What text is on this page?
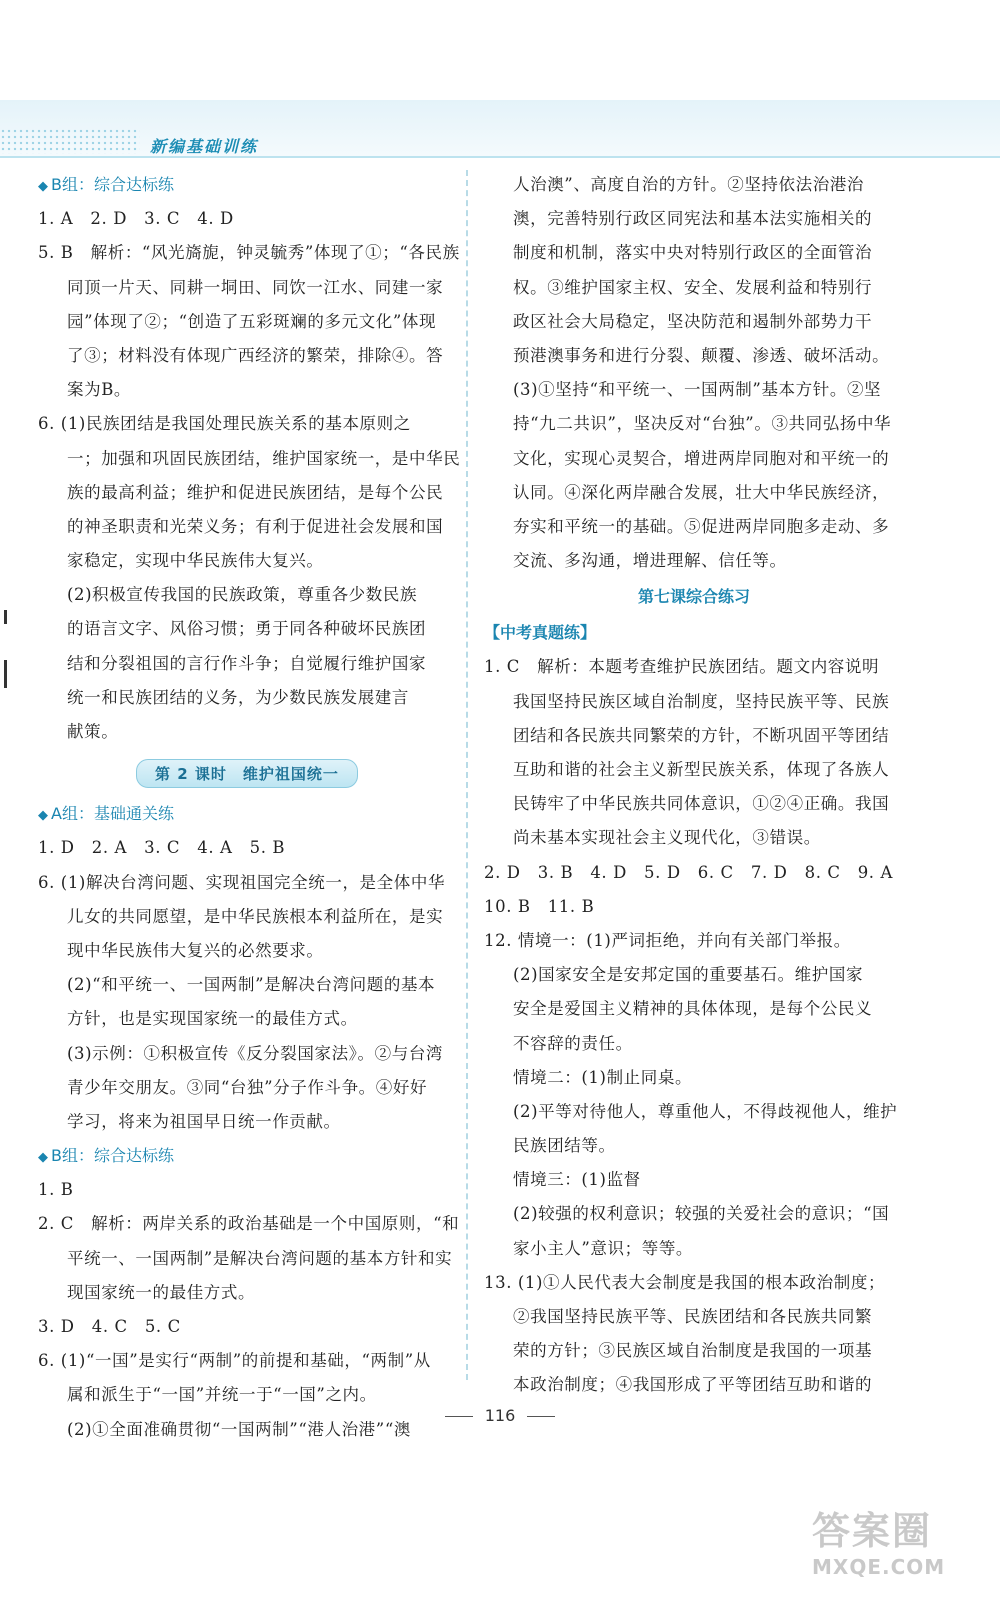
新编基础训练
◆ B组：综合达标练
1. A　2. D　3. C　4. D
5. B　解析：“风光旖旎，钟灵毓秀”体现了①；“各民族
同顶一片天、同耕一垌田、同饮一江水、同建一家
园”体现了②；“创造了五彩斑斓的多元文化”体现
了③；材料没有体现广西经济的繁荣，排除④。答
案为B。
6. (1)民族团结是我国处理民族关系的基本原则之
一；加强和巩固民族团结，维护国家统一，是中华民
族的最高利益；维护和促进民族团结，是每个公民
的神圣职责和光荣义务；有利于促进社会发展和国
家稳定，实现中华民族伟大复兴。
(2)积极宣传我国的民族政策，尊重各少数民族
的语言文字、风俗习惯；勇于同各种破坏民族团
结和分裂祖国的言行作斗争；自觉履行维护国家
统一和民族团结的义务，为少数民族发展建言
献策。
第 2 课时　维护祖国统一
◆ A组：基础通关练
1. D　2. A　3. C　4. A　5. B
6. (1)解决台湾问题、实现祖国完全统一，是全体中华
儿女的共同愿望，是中华民族根本利益所在，是实
现中华民族伟大复兴的必然要求。
(2)“和平统一、一国两制”是解决台湾问题的基本
方针，也是实现国家统一的最佳方式。
(3)示例：①积极宣传《反分裂国家法》。②与台湾
青少年交朋友。③同“台独”分子作斗争。④好好
学习，将来为祖国早日统一作贡献。
◆ B组：综合达标练
1. B
2. C　解析：两岸关系的政治基础是一个中国原则，“和
平统一、一国两制”是解决台湾问题的基本方针和实
现国家统一的最佳方式。
3. D　4. C　5. C
6. (1)“一国”是实行“两制”的前提和基础，“两制”从
属和派生于“一国”并统一于“一国”之内。
(2)①全面准确贯彻“一国两制”“港人治港”“澳
人治澳”、高度自治的方针。②坚持依法治港治
澳，完善特别行政区同宪法和基本法实施相关的
制度和机制，落实中央对特别行政区的全面管治
权。③维护国家主权、安全、发展利益和特别行
政区社会大局稳定，坚决防范和遏制外部势力干
预港澳事务和进行分裂、颠覆、渗透、破坏活动。
(3)①坚持“和平统一、一国两制”基本方针。②坚
持“九二共识”，坚决反对“台独”。③共同弘扬中华
文化，实现心灵契合，增进两岸同胞对和平统一的
认同。④深化两岸融合发展，壮大中华民族经济，
夯实和平统一的基础。⑤促进两岸同胞多走动、多
交流、多沟通，增进理解、信任等。
第七课综合练习
【中考真题练】
1. C　解析：本题考查维护民族团结。题文内容说明
我国坚持民族区域自治制度，坚持民族平等、民族
团结和各民族共同繁荣的方针，不断巩固平等团结
互助和谐的社会主义新型民族关系，体现了各族人
民铸牢了中华民族共同体意识，①②④正确。我国
尚未基本实现社会主义现代化，③错误。
2. D　3. B　4. D　5. D　6. C　7. D　8. C　9. A
10. B　11. B
12. 情境一：(1)严词拒绝，并向有关部门举报。
(2)国家安全是安邦定国的重要基石。维护国家
安全是爱国主义精神的具体体现，是每个公民义
不容辞的责任。
情境二：(1)制止同桌。
(2)平等对待他人，尊重他人，不得歧视他人，维护
民族团结等。
情境三：(1)监督
(2)较强的权利意识；较强的关爱社会的意识；“国
家小主人”意识；等等。
13. (1)①人民代表大会制度是我国的根本政治制度；
②我国坚持民族平等、民族团结和各民族共同繁
荣的方针；③民族区域自治制度是我国的一项基
本政治制度；④我国形成了平等团结互助和谐的
116
答案圈
MXQE.COM
